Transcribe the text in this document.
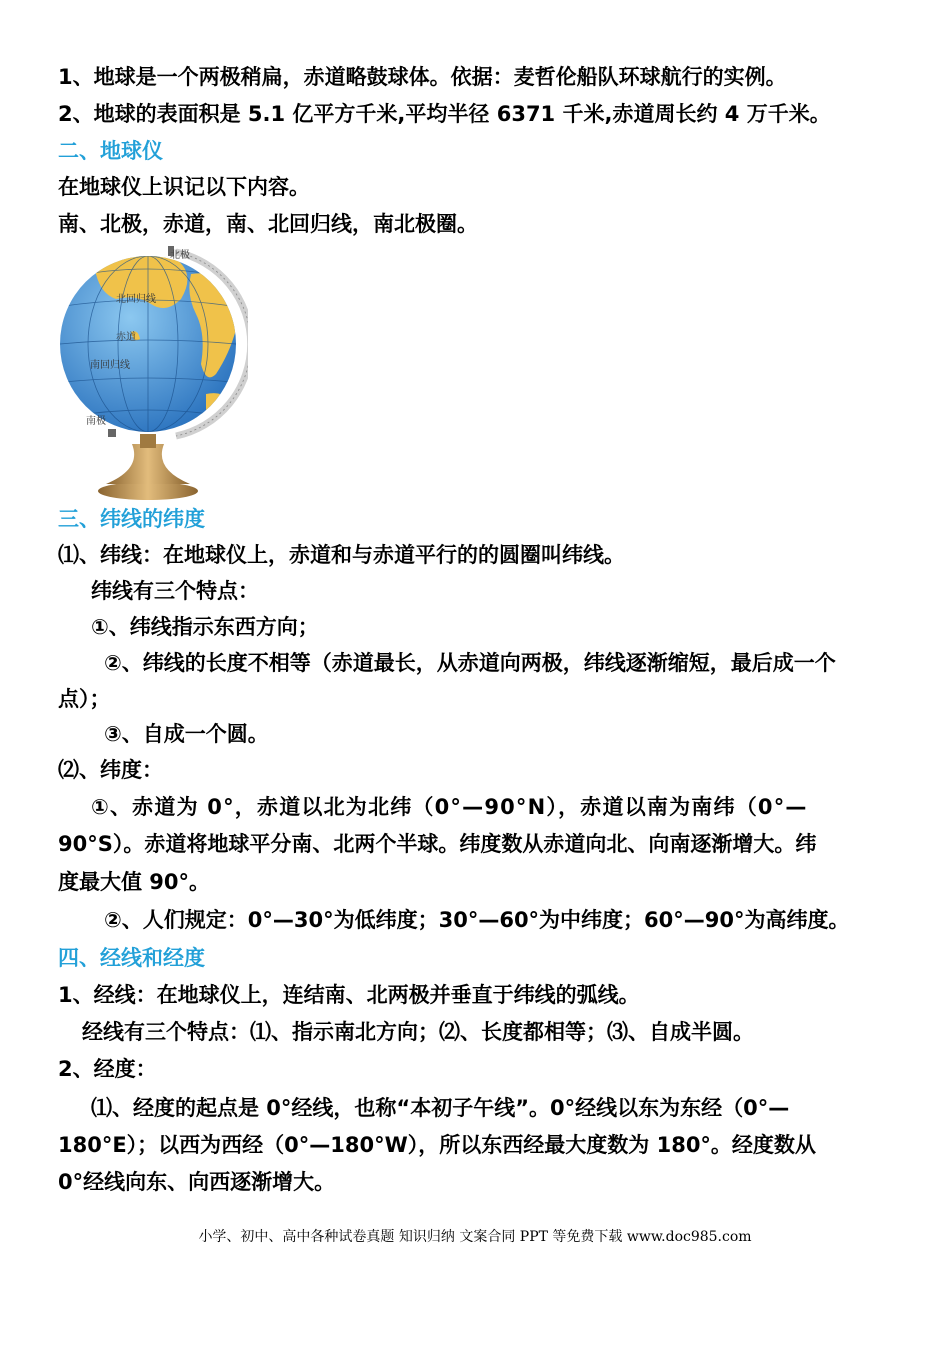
1、地球是一个两极稍扁，赤道略鼓球体。依据：麦哲伦船队环球航行的实例。
2、地球的表面积是 5.1 亿平方千米,平均半径 6371 千米,赤道周长约 4 万千米。
二、地球仪
在地球仪上识记以下内容。
南、北极，赤道，南、北回归线，南北极圈。
北极
北回归线
赤道
南回归线
南极
三、纬线的纬度
⑴、纬线：在地球仪上，赤道和与赤道平行的的圆圈叫纬线。
纬线有三个特点：
①、纬线指示东西方向；
②、纬线的长度不相等（赤道最长，从赤道向两极，纬线逐渐缩短，最后成一个
点）；
③、自成一个圆。
⑵、纬度：
①、赤道为 0°，赤道以北为北纬（0°—90°N），赤道以南为南纬（0°—
90°S）。赤道将地球平分南、北两个半球。纬度数从赤道向北、向南逐渐增大。纬
度最大值 90°。
②、人们规定：0°—30°为低纬度；30°—60°为中纬度；60°—90°为高纬度。
四、经线和经度
1、经线：在地球仪上，连结南、北两极并垂直于纬线的弧线。
经线有三个特点：⑴、指示南北方向；⑵、长度都相等；⑶、自成半圆。
2、经度：
⑴、经度的起点是 0°经线，也称“本初子午线”。0°经线以东为东经（0°—
180°E）；以西为西经（0°—180°W），所以东西经最大度数为 180°。经度数从
0°经线向东、向西逐渐增大。
小学、初中、高中各种试卷真题 知识归纳 文案合同 PPT 等免费下载 www.doc985.com
